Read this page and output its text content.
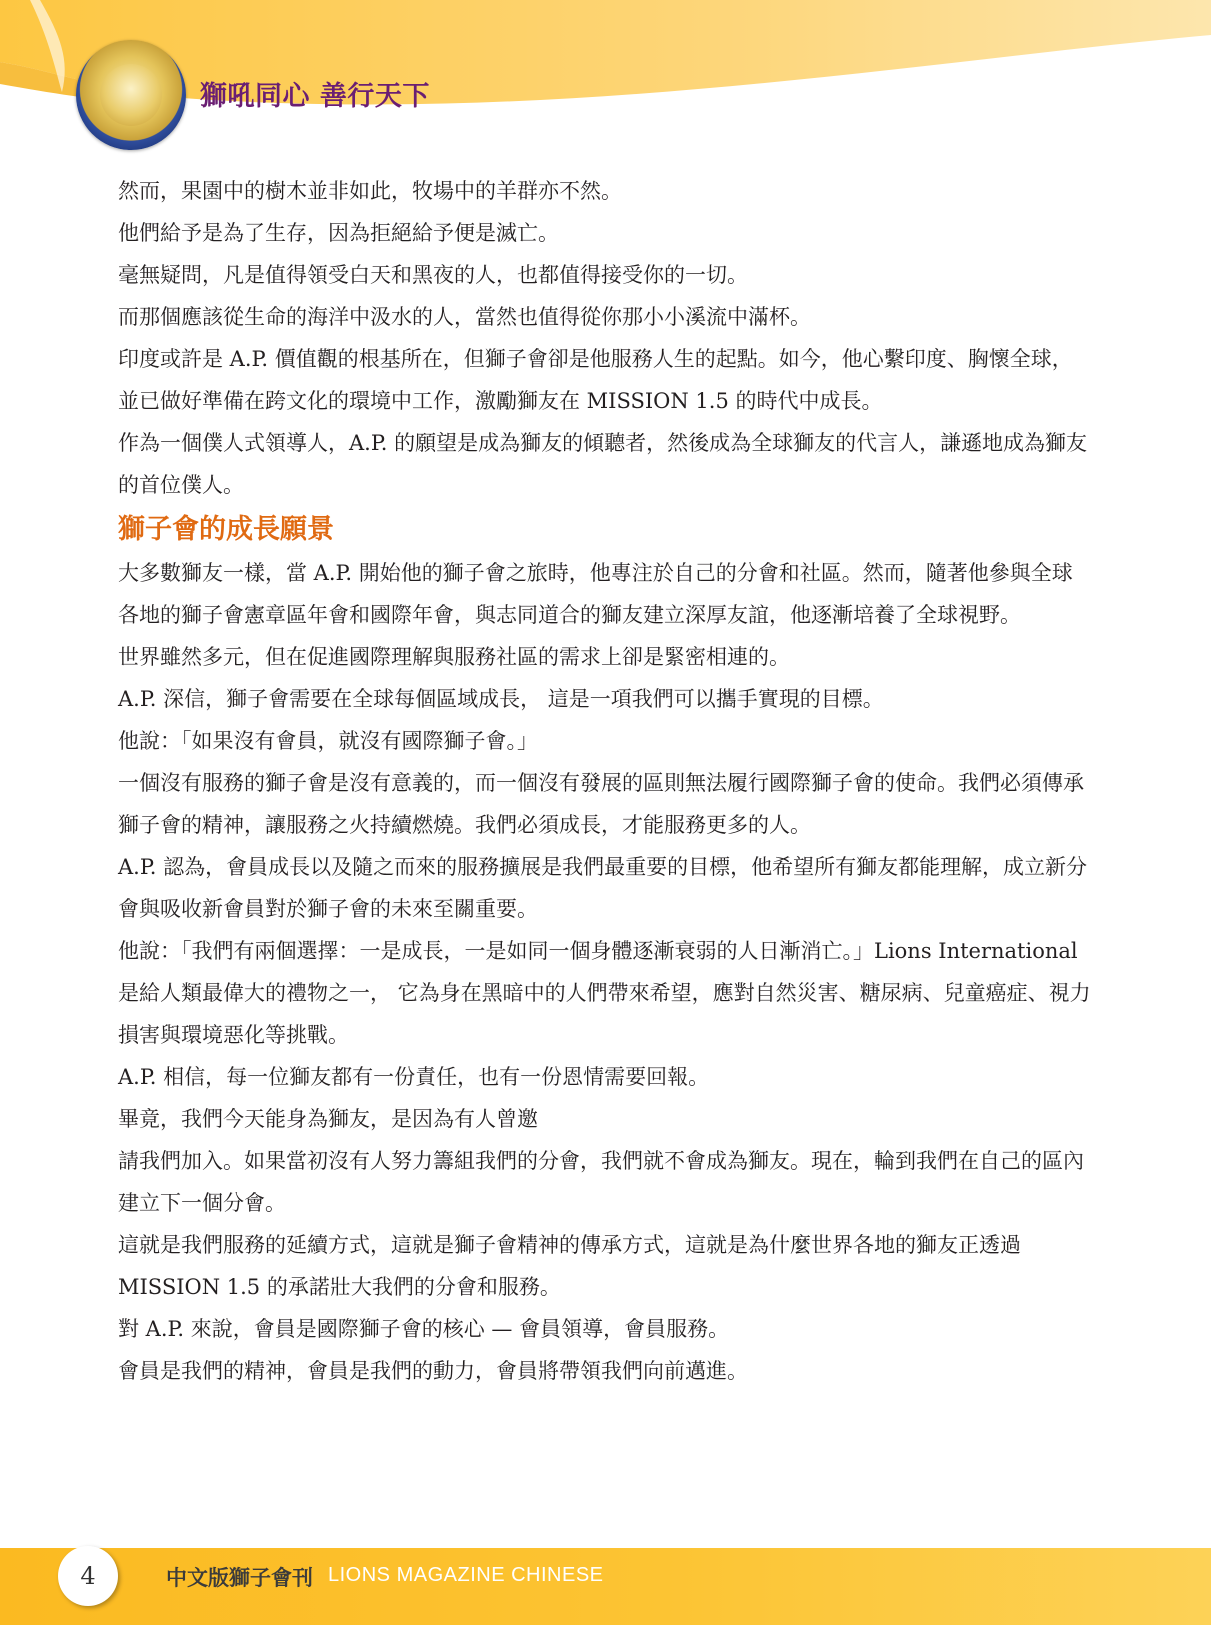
獅吼同心 善行天下

然而，果園中的樹木並非如此，牧場中的羊群亦不然。

他們給予是為了生存，因為拒絕給予便是滅亡。

毫無疑問，凡是值得領受白天和黑夜的人，也都值得接受你的一切。

而那個應該從生命的海洋中汲水的人，當然也值得從你那小小溪流中滿杯。

印度或許是 A.P. 價值觀的根基所在，但獅子會卻是他服務人生的起點。如今，他心繫印度、胸懷全球， 並已做好準備在跨文化的環境中工作，激勵獅友在 MISSION 1.5 的時代中成長。

作為一個僕人式領導人，A.P. 的願望是成為獅友的傾聽者，然後成為全球獅友的代言人，謙遜地成為獅友的首位僕人。

獅子會的成長願景

大多數獅友一樣，當 A.P. 開始他的獅子會之旅時，他專注於自己的分會和社區。然而，隨著他參與全球各地的獅子會憲章區年會和國際年會，與志同道合的獅友建立深厚友誼，他逐漸培養了全球視野。

世界雖然多元，但在促進國際理解與服務社區的需求上卻是緊密相連的。

A.P. 深信，獅子會需要在全球每個區域成長， 這是一項我們可以攜手實現的目標。

他說：「如果沒有會員，就沒有國際獅子會。」

一個沒有服務的獅子會是沒有意義的，而一個沒有發展的區則無法履行國際獅子會的使命。我們必須傳承獅子會的精神，讓服務之火持續燃燒。我們必須成長，才能服務更多的人。

A.P. 認為，會員成長以及隨之而來的服務擴展是我們最重要的目標，他希望所有獅友都能理解，成立新分會與吸收新會員對於獅子會的未來至關重要。

他說：「我們有兩個選擇：一是成長，一是如同一個身體逐漸衰弱的人日漸消亡。」Lions International 是給人類最偉大的禮物之一， 它為身在黑暗中的人們帶來希望，應對自然災害、糖尿病、兒童癌症、視力損害與環境惡化等挑戰。

A.P. 相信，每一位獅友都有一份責任，也有一份恩情需要回報。

畢竟，我們今天能身為獅友，是因為有人曾邀

請我們加入。如果當初沒有人努力籌組我們的分會，我們就不會成為獅友。現在，輪到我們在自己的區內建立下一個分會。

這就是我們服務的延續方式，這就是獅子會精神的傳承方式，這就是為什麼世界各地的獅友正透過 MISSION 1.5 的承諾壯大我們的分會和服務。

對 A.P. 來說，會員是國際獅子會的核心 — 會員領導，會員服務。

會員是我們的精神，會員是我們的動力，會員將帶領我們向前邁進。

4	中文版獅子會刊 LIONS MAGAZINE CHINESE
